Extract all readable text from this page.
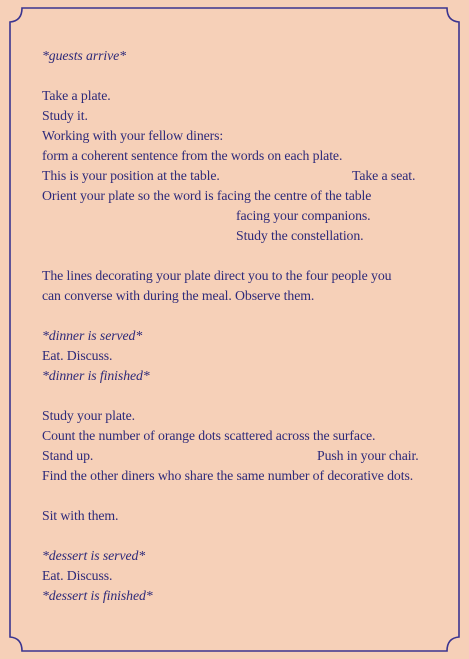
*guests arrive*
Take a plate.
Study it.
Working with your fellow diners:
form a coherent sentence from the words on each plate.
This is your position at the table.	Take a seat.
Orient your plate so the word is facing the centre of the table
facing your companions.
Study the constellation.
The lines decorating your plate direct you to the four people you
can converse with during the meal. Observe them.
*dinner is served*
Eat. Discuss.
*dinner is finished*
Study your plate.
Count the number of orange dots scattered across the surface.
Stand up.	Push in your chair.
Find the other diners who share the same number of decorative dots.
Sit with them.
*dessert is served*
Eat. Discuss.
*dessert is finished*
